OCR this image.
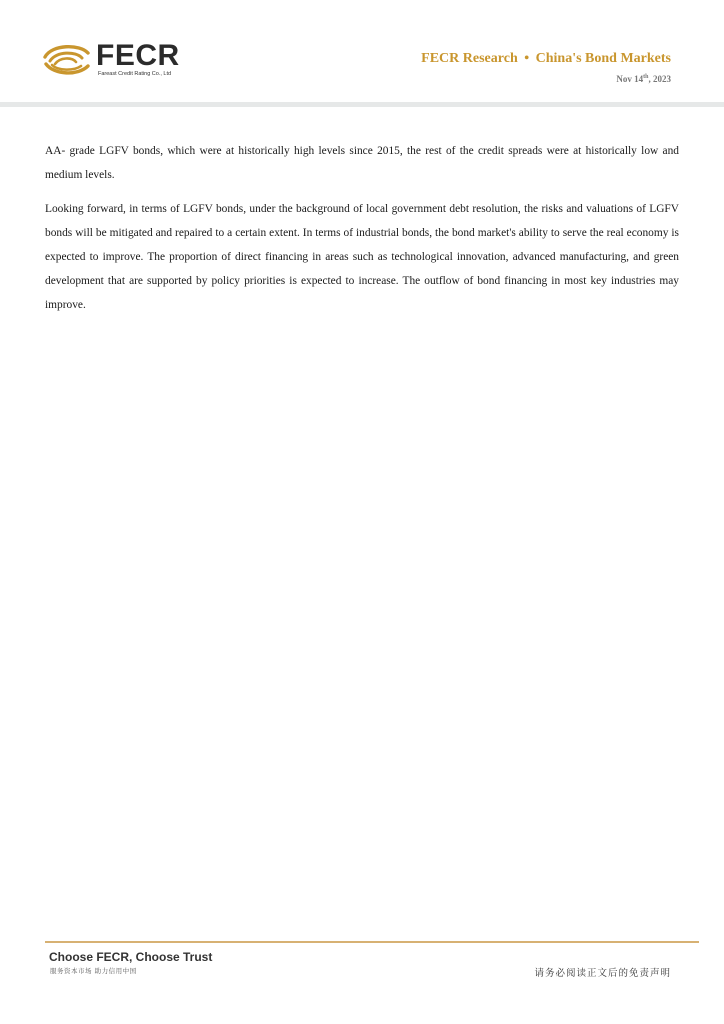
FECR
Fareast Credit Rating Co., Ltd
FECR Research • China's Bond Markets
Nov 14th, 2023

AA- grade LGFV bonds, which were at historically high levels since 2015, the rest of the credit spreads were at historically low and medium levels.

Looking forward, in terms of LGFV bonds, under the background of local government debt resolution, the risks and valuations of LGFV bonds will be mitigated and repaired to a certain extent. In terms of industrial bonds, the bond market's ability to serve the real economy is expected to improve. The proportion of direct financing in areas such as technological innovation, advanced manufacturing, and green development that are supported by policy priorities is expected to increase. The outflow of bond financing in most key industries may improve.

Choose FECR, Choose Trust
服务资本市场 助力信用中国	请务必阅读正文后的免责声明
